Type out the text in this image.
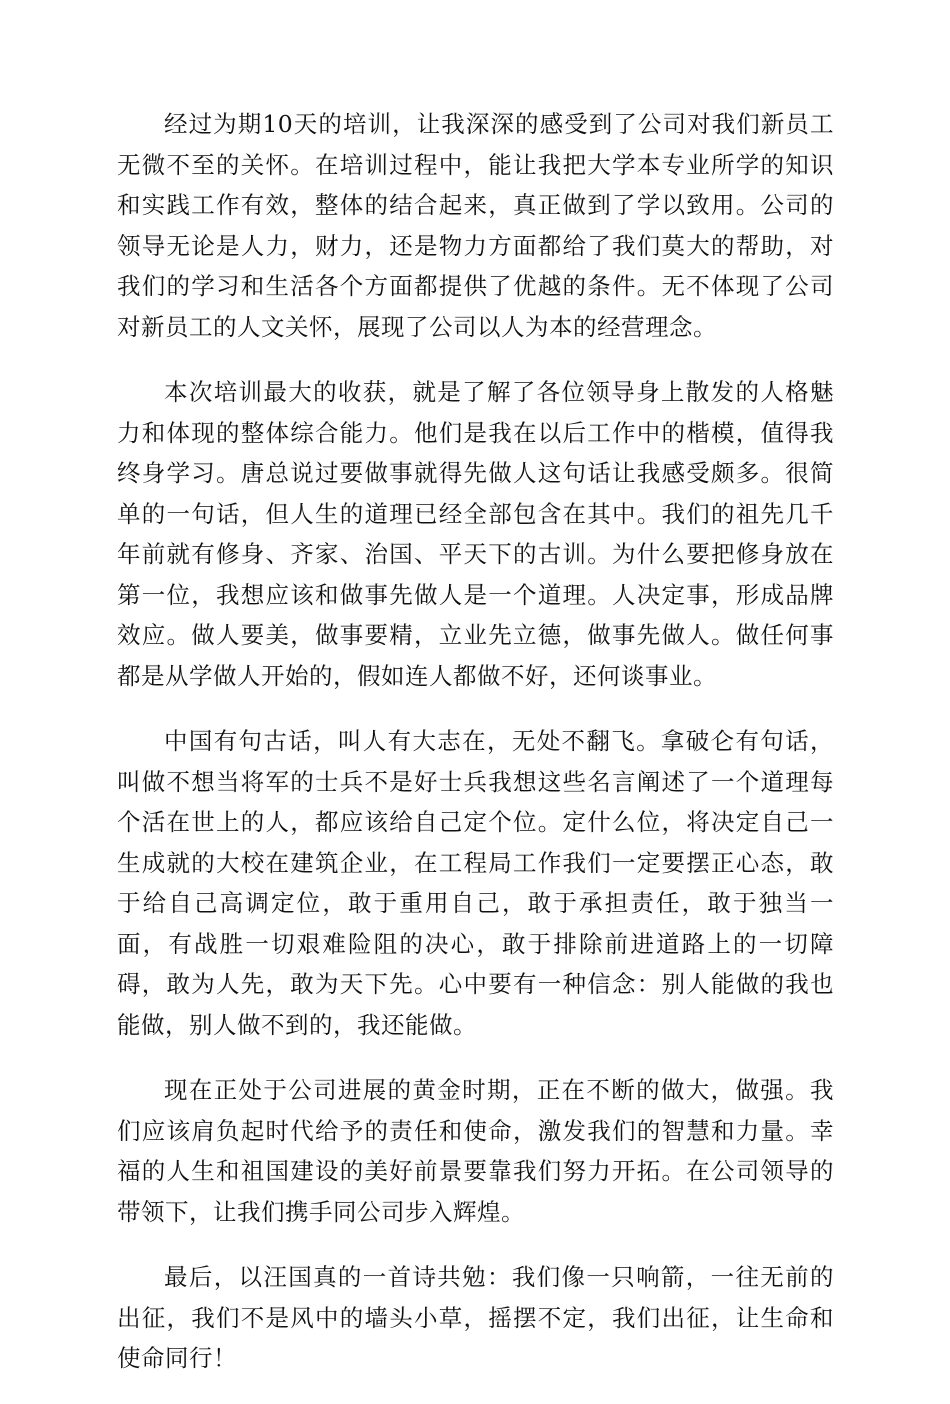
经过为期10天的培训，让我深深的感受到了公司对我们新员工无微不至的关怀。在培训过程中，能让我把大学本专业所学的知识和实践工作有效，整体的结合起来，真正做到了学以致用。公司的领导无论是人力，财力，还是物力方面都给了我们莫大的帮助，对我们的学习和生活各个方面都提供了优越的条件。无不体现了公司对新员工的人文关怀，展现了公司以人为本的经营理念。

本次培训最大的收获，就是了解了各位领导身上散发的人格魅力和体现的整体综合能力。他们是我在以后工作中的楷模，值得我终身学习。唐总说过要做事就得先做人这句话让我感受颇多。很简单的一句话，但人生的道理已经全部包含在其中。我们的祖先几千年前就有修身、齐家、治国、平天下的古训。为什么要把修身放在第一位，我想应该和做事先做人是一个道理。人决定事，形成品牌效应。做人要美，做事要精，立业先立德，做事先做人。做任何事都是从学做人开始的，假如连人都做不好，还何谈事业。

中国有句古话，叫人有大志在，无处不翻飞。拿破仑有句话，叫做不想当将军的士兵不是好士兵我想这些名言阐述了一个道理每个活在世上的人，都应该给自己定个位。定什么位，将决定自己一生成就的大校在建筑企业，在工程局工作我们一定要摆正心态，敢于给自己高调定位，敢于重用自己，敢于承担责任，敢于独当一面，有战胜一切艰难险阻的决心，敢于排除前进道路上的一切障碍，敢为人先，敢为天下先。心中要有一种信念：别人能做的我也能做，别人做不到的，我还能做。

现在正处于公司进展的黄金时期，正在不断的做大，做强。我们应该肩负起时代给予的责任和使命，激发我们的智慧和力量。幸福的人生和祖国建设的美好前景要靠我们努力开拓。在公司领导的带领下，让我们携手同公司步入辉煌。

最后，以汪国真的一首诗共勉：我们像一只响箭，一往无前的出征，我们不是风中的墙头小草，摇摆不定，我们出征，让生命和使命同行！
